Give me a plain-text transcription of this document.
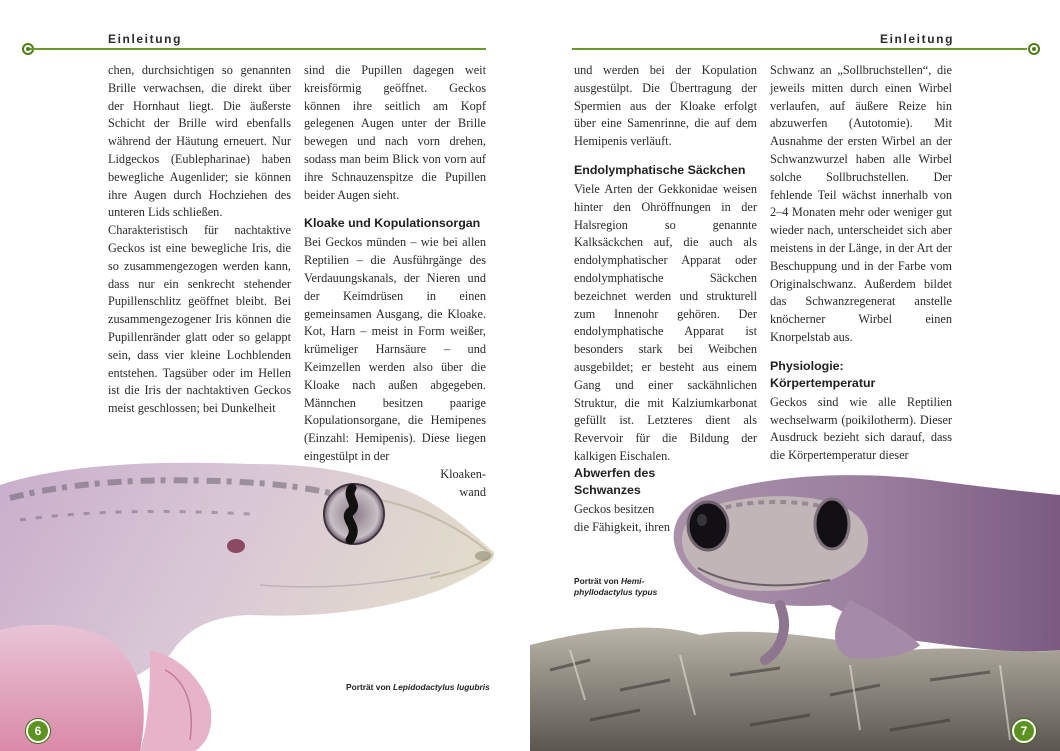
Einleitung

chen, durchsichtigen so genannten Brille verwachsen, die direkt über der Hornhaut liegt. Die äußerste Schicht der Brille wird ebenfalls während der Häutung erneuert. Nur Lidgeckos (Eublepharinae) haben bewegliche Augenlider; sie können ihre Augen durch Hochziehen des unteren Lids schließen.

Charakteristisch für nachtaktive Geckos ist eine bewegliche Iris, die so zusammengezogen werden kann, dass nur ein senkrecht stehender Pupillenschlitz geöffnet bleibt. Bei zusammengezogener Iris können die Pupillenränder glatt oder so gelappt sein, dass vier kleine Lochblenden entstehen. Tagsüber oder im Hellen ist die Iris der nachtaktiven Geckos meist geschlossen; bei Dunkelheit

sind die Pupillen dagegen weit kreisförmig geöffnet. Geckos können ihre seitlich am Kopf gelegenen Augen unter der Brille bewegen und nach vorn drehen, sodass man beim Blick von vorn auf ihre Schnauzenspitze die Pupillen beider Augen sieht.

Kloake und Kopulationsorgan

Bei Geckos münden – wie bei allen Reptilien – die Ausführgänge des Verdauungskanals, der Nieren und der Keimdrüsen in einen gemeinsamen Ausgang, die Kloake. Kot, Harn – meist in Form weißer, krümeliger Harnsäure – und Keimzellen werden also über die Kloake nach außen abgegeben. Männchen besitzen paarige Kopulationsorgane, die Hemipenes (Einzahl: Hemipenis). Diese liegen eingestülpt in der

Kloaken-

wand

Porträt von Lepidodactylus lugubris
6
Einleitung

und werden bei der Kopulation ausgestülpt. Die Übertragung der Spermien aus der Kloake erfolgt über eine Samenrinne, die auf dem Hemipenis verläuft.

Endolymphatische Säckchen

Viele Arten der Gekkonidae weisen hinter den Ohröffnungen in der Halsregion so genannte Kalksäckchen auf, die auch als endolymphatischer Apparat oder endolymphatische Säckchen bezeichnet werden und strukturell zum Innenohr gehören. Der endolymphatische Apparat ist besonders stark bei Weibchen ausgebildet; er besteht aus einem Gang und einer sackähnlichen Struktur, die mit Kalziumkarbonat gefüllt ist. Letzteres dient als Revervoir für die Bildung der kalkigen Eischalen.

Abwerfen des Schwanzes

Geckos besitzen die Fähigkeit, ihren

Schwanz an „Sollbruchstellen“, die jeweils mitten durch einen Wirbel verlaufen, auf äußere Reize hin abzuwerfen (Autotomie). Mit Ausnahme der ersten Wirbel an der Schwanzwurzel haben alle Wirbel solche Sollbruchstellen. Der fehlende Teil wächst innerhalb von 2–4 Monaten mehr oder weniger gut wieder nach, unterscheidet sich aber meistens in der Länge, in der Art der Beschuppung und in der Farbe vom Originalschwanz. Außerdem bildet das Schwanzregenerat anstelle knöcherner Wirbel einen Knorpelstab aus.

Physiologie: Körpertemperatur

Geckos sind wie alle Reptilien wechselwarm (poikilotherm). Dieser Ausdruck bezieht sich darauf, dass die Körpertemperatur dieser

Porträt von Hemi-
phyllodactylus typus
7
